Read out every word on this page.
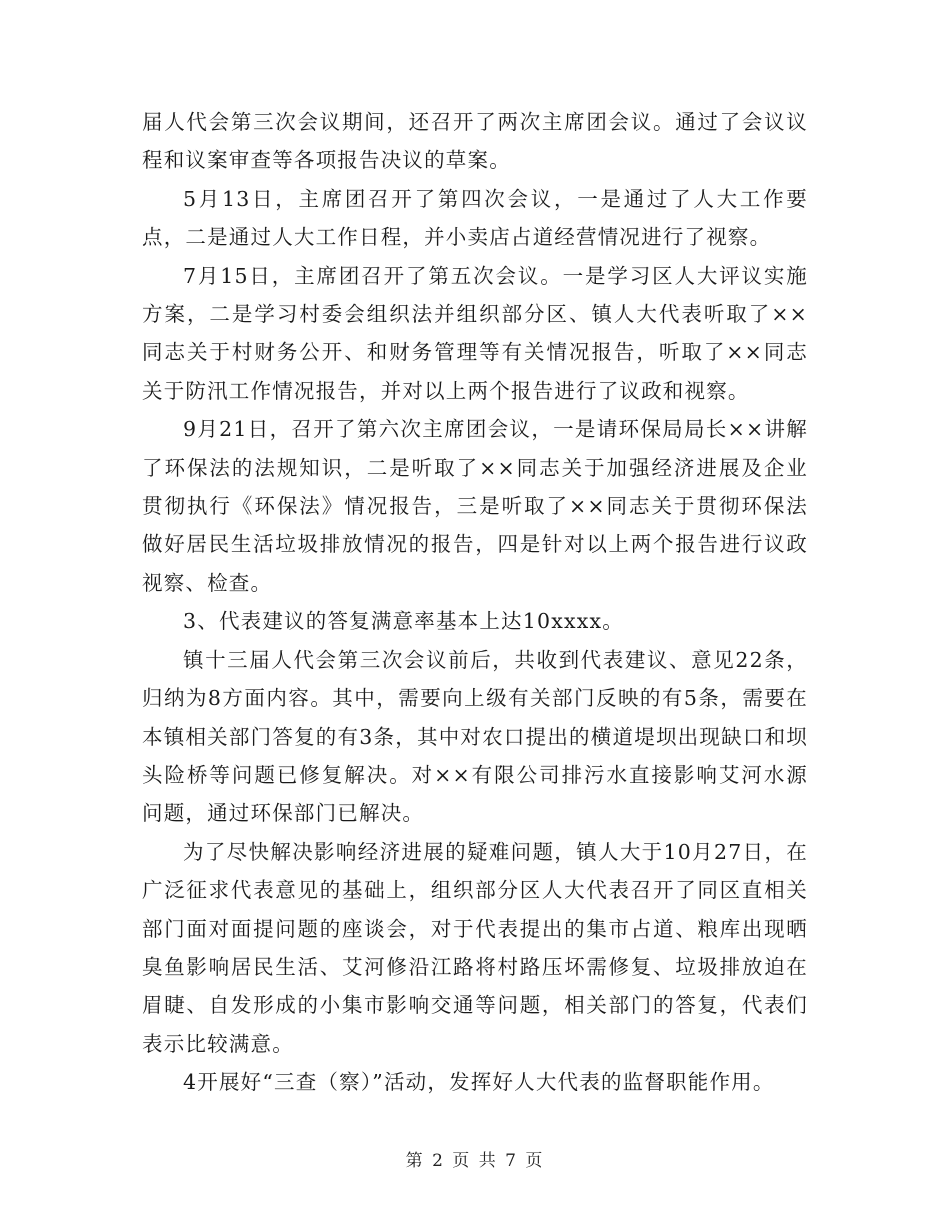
届人代会第三次会议期间，还召开了两次主席团会议。通过了会议议程和议案审查等各项报告决议的草案。

5月13日，主席团召开了第四次会议，一是通过了人大工作要点，二是通过人大工作日程，并小卖店占道经营情况进行了视察。

7月15日，主席团召开了第五次会议。一是学习区人大评议实施方案，二是学习村委会组织法并组织部分区、镇人大代表听取了××同志关于村财务公开、和财务管理等有关情况报告，听取了××同志关于防汛工作情况报告，并对以上两个报告进行了议政和视察。

9月21日，召开了第六次主席团会议，一是请环保局局长××讲解了环保法的法规知识，二是听取了××同志关于加强经济进展及企业贯彻执行《环保法》情况报告，三是听取了××同志关于贯彻环保法做好居民生活垃圾排放情况的报告，四是针对以上两个报告进行议政视察、检查。

3、代表建议的答复满意率基本上达10xxxx。

镇十三届人代会第三次会议前后，共收到代表建议、意见22条，归纳为8方面内容。其中，需要向上级有关部门反映的有5条，需要在本镇相关部门答复的有3条，其中对农口提出的横道堤坝出现缺口和坝头险桥等问题已修复解决。对××有限公司排污水直接影响艾河水源问题，通过环保部门已解决。

为了尽快解决影响经济进展的疑难问题，镇人大于10月27日，在广泛征求代表意见的基础上，组织部分区人大代表召开了同区直相关部门面对面提问题的座谈会，对于代表提出的集市占道、粮库出现晒臭鱼影响居民生活、艾河修沿江路将村路压坏需修复、垃圾排放迫在眉睫、自发形成的小集市影响交通等问题，相关部门的答复，代表们表示比较满意。

4开展好“三查（察）”活动，发挥好人大代表的监督职能作用。

第 2 页 共 7 页
